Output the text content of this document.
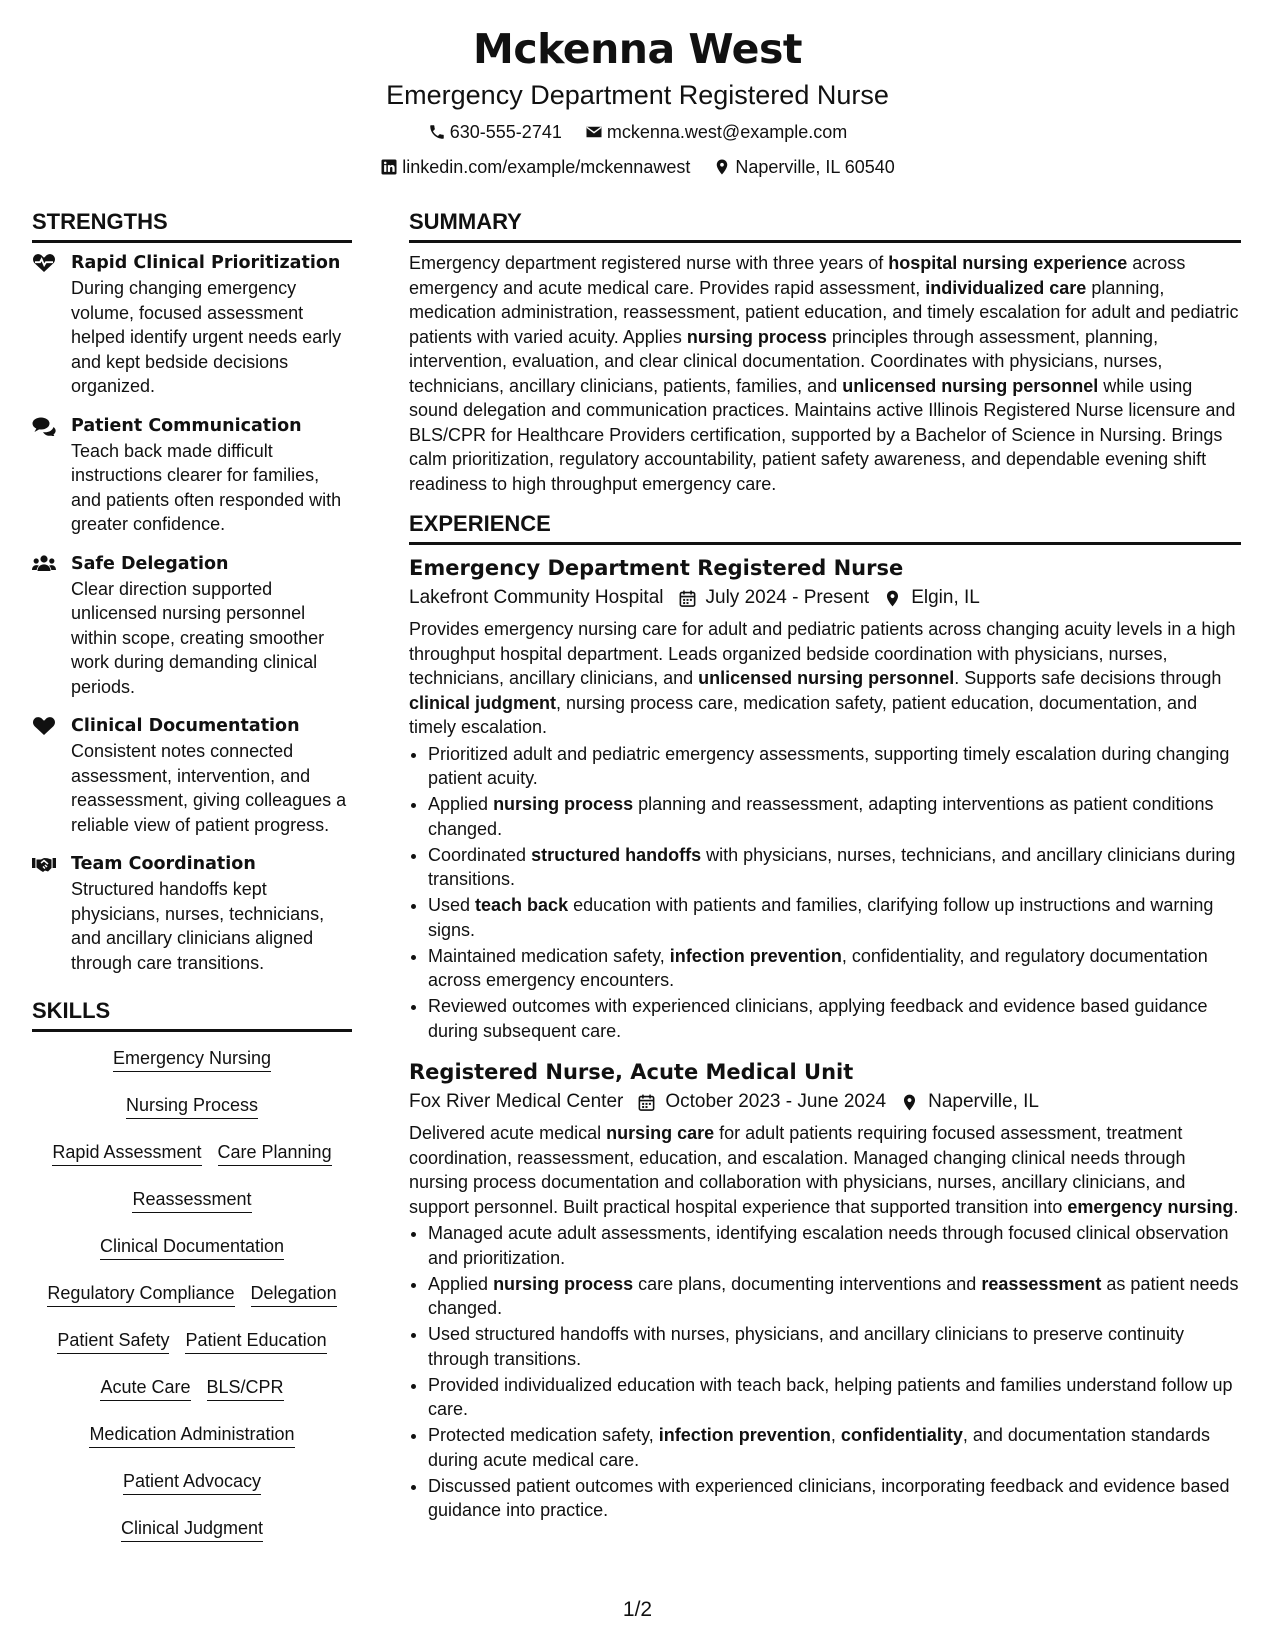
Mckenna West
Emergency Department Registered Nurse
630-555-2741
	mckenna.west@example.com
linkedin.com/example/mckennawest
	Naperville, IL 60540
STRENGTHS
Rapid Clinical Prioritization
During changing emergency volume, focused assessment helped identify urgent needs early and kept bedside decisions organized.
Patient Communication
Teach back made difficult instructions clearer for families, and patients often responded with greater confidence.
Safe Delegation
Clear direction supported unlicensed nursing personnel within scope, creating smoother work during demanding clinical periods.
Clinical Documentation
Consistent notes connected assessment, intervention, and reassessment, giving colleagues a reliable view of patient progress.
Team Coordination
Structured handoffs kept physicians, nurses, technicians, and ancillary clinicians aligned through care transitions.
SKILLS
Emergency Nursing
Nursing Process
Rapid Assessment Care Planning
Reassessment
Clinical Documentation
Regulatory Compliance Delegation
Patient Safety Patient Education
Acute Care BLS/CPR
Medication Administration
Patient Advocacy
Clinical Judgment
SUMMARY
Emergency department registered nurse with three years of hospital nursing experience across emergency and acute medical care. Provides rapid assessment, individualized care planning, medication administration, reassessment, patient education, and timely escalation for adult and pediatric patients with varied acuity. Applies nursing process principles through assessment, planning, intervention, evaluation, and clear clinical documentation. Coordinates with physicians, nurses, technicians, ancillary clinicians, patients, families, and unlicensed nursing personnel while using sound delegation and communication practices. Maintains active Illinois Registered Nurse licensure and BLS/CPR for Healthcare Providers certification, supported by a Bachelor of Science in Nursing. Brings calm prioritization, regulatory accountability, patient safety awareness, and dependable evening shift readiness to high throughput emergency care.
EXPERIENCE
Emergency Department Registered Nurse
Lakefront Community Hospital July 2024 - Present Elgin, IL
Provides emergency nursing care for adult and pediatric patients across changing acuity levels in a high throughput hospital department. Leads organized bedside coordination with physicians, nurses, technicians, ancillary clinicians, and unlicensed nursing personnel. Supports safe decisions through clinical judgment, nursing process care, medication safety, patient education, documentation, and timely escalation.
• Prioritized adult and pediatric emergency assessments, supporting timely escalation during changing patient acuity.
• Applied nursing process planning and reassessment, adapting interventions as patient conditions changed.
• Coordinated structured handoffs with physicians, nurses, technicians, and ancillary clinicians during transitions.
• Used teach back education with patients and families, clarifying follow up instructions and warning signs.
• Maintained medication safety, infection prevention, confidentiality, and regulatory documentation across emergency encounters.
• Reviewed outcomes with experienced clinicians, applying feedback and evidence based guidance during subsequent care.
Registered Nurse, Acute Medical Unit
Fox River Medical Center October 2023 - June 2024 Naperville, IL
Delivered acute medical nursing care for adult patients requiring focused assessment, treatment coordination, reassessment, education, and escalation. Managed changing clinical needs through nursing process documentation and collaboration with physicians, nurses, ancillary clinicians, and support personnel. Built practical hospital experience that supported transition into emergency nursing.
• Managed acute adult assessments, identifying escalation needs through focused clinical observation and prioritization.
• Applied nursing process care plans, documenting interventions and reassessment as patient needs changed.
• Used structured handoffs with nurses, physicians, and ancillary clinicians to preserve continuity through transitions.
• Provided individualized education with teach back, helping patients and families understand follow up care.
• Protected medication safety, infection prevention, confidentiality, and documentation standards during acute medical care.
• Discussed patient outcomes with experienced clinicians, incorporating feedback and evidence based guidance into practice.
1/2
